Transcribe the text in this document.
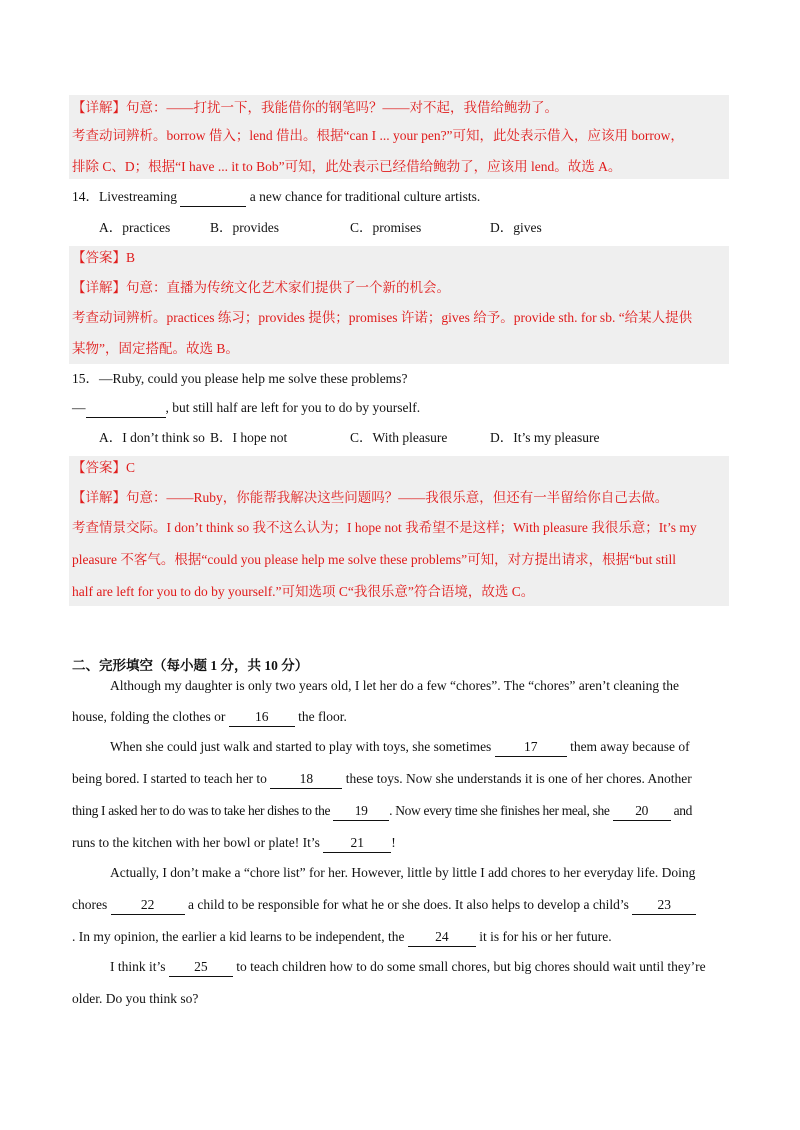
【详解】句意：——打扰一下，我能借你的钢笔吗？——对不起，我借给鲍勃了。
考查动词辨析。borrow 借入；lend 借出。根据“can I ... your pen?”可知，此处表示借入，应该用 borrow，
排除 C、D；根据“I have ... it to Bob”可知，此处表示已经借给鲍勃了，应该用 lend。故选 A。
14．Livestreaming	a new chance for traditional culture artists.
A．practices	B．provides	C．promises	D．gives
【答案】B
【详解】句意：直播为传统文化艺术家们提供了一个新的机会。
考查动词辨析。practices 练习；provides 提供；promises 许诺；gives 给予。provide sth. for sb. “给某人提供
某物”，固定搭配。故选 B。
15．—Ruby, could you please help me solve these problems?
—	, but still half are left for you to do by yourself.
A．I don’t think so B．I hope not	C．With pleasure	D．It’s my pleasure
【答案】C
【详解】句意：——Ruby，你能帮我解决这些问题吗？——我很乐意，但还有一半留给你自己去做。
考查情景交际。I don’t think so 我不这么认为；I hope not 我希望不是这样；With pleasure 我很乐意；It’s my
pleasure 不客气。根据“could you please help me solve these problems”可知，对方提出请求，根据“but still
half are left for you to do by yourself.”可知选项 C“我很乐意”符合语境，故选 C。
二、完形填空（每小题 1 分，共 10 分）
Although my daughter is only two years old, I let her do a few “chores”. The “chores” aren’t cleaning the
house, folding the clothes or 16 the floor.
When she could just walk and started to play with toys, she sometimes 17 them away because of
being bored. I started to teach her to 18 these toys. Now she understands it is one of her chores. Another
thing I asked her to do was to take her dishes to the 19 . Now every time she finishes her meal, she 20 and
runs to the kitchen with her bowl or plate! It’s 21 !
Actually, I don’t make a “chore list” for her. However, little by little I add chores to her everyday life. Doing
chores 22 a child to be responsible for what he or she does. It also helps to develop a child’s 23
. In my opinion, the earlier a kid learns to be independent, the 24 it is for his or her future.
I think it’s 25 to teach children how to do some small chores, but big chores should wait until they’re
older. Do you think so?
